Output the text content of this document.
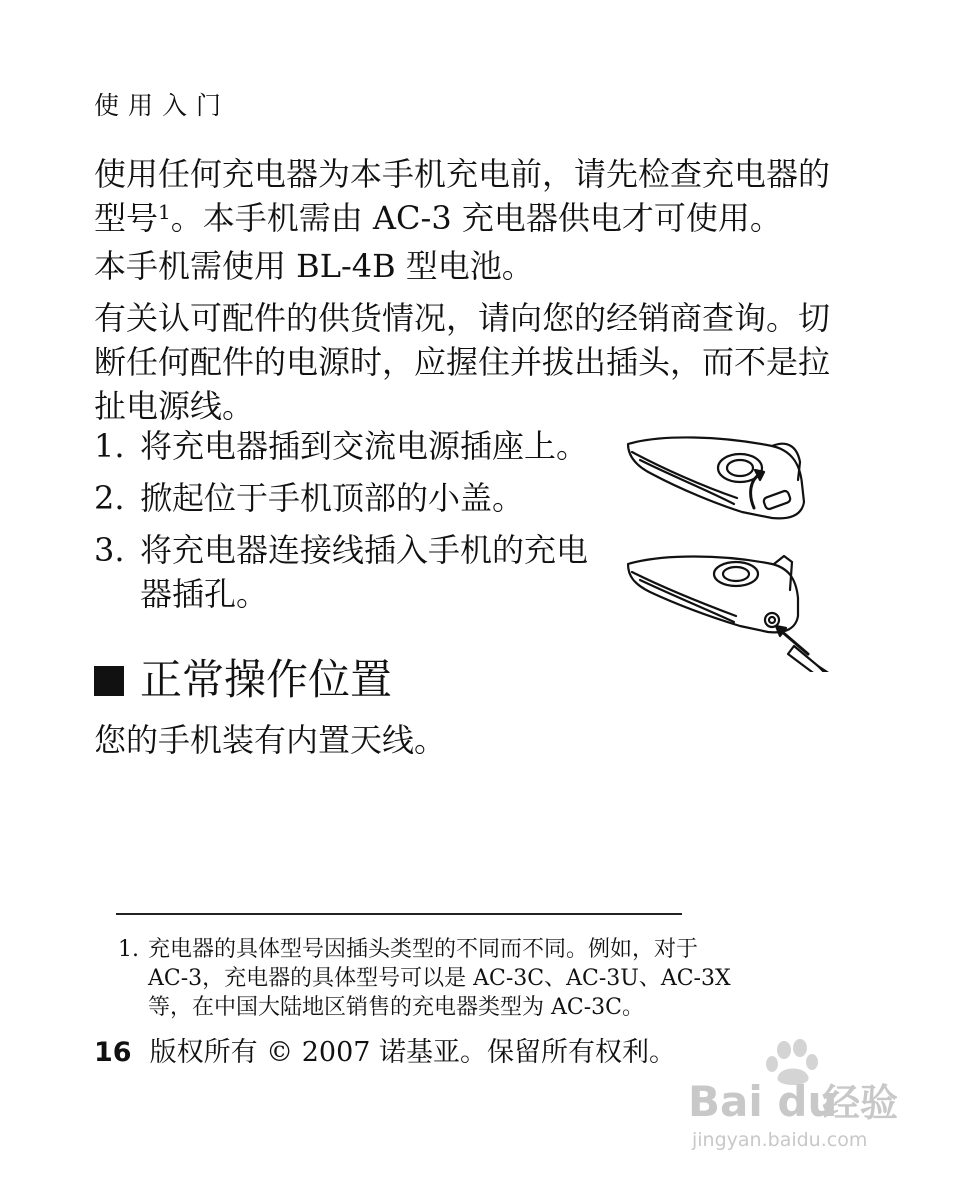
使用入门
使用任何充电器为本手机充电前，请先检查充电器的
型号$^1$。本手机需由 AC-3 充电器供电才可使用。
本手机需使用 BL-4B 型电池。
有关认可配件的供货情况，请向您的经销商查询。切
断任何配件的电源时，应握住并拔出插头，而不是拉
扯电源线。
1. 将充电器插到交流电源插座上。
2. 掀起位于手机顶部的小盖。
3. 将充电器连接线插入手机的充电
器插孔。
正常操作位置
您的手机装有内置天线。
1. 充电器的具体型号因插头类型的不同而不同。例如，对于
AC-3，充电器的具体型号可以是 AC-3C、AC-3U、AC-3X
等，在中国大陆地区销售的充电器类型为 AC-3C。
16 版权所有 © 2007 诺基亚。保留所有权利。
Bai du
经验
jingyan.baidu.com
